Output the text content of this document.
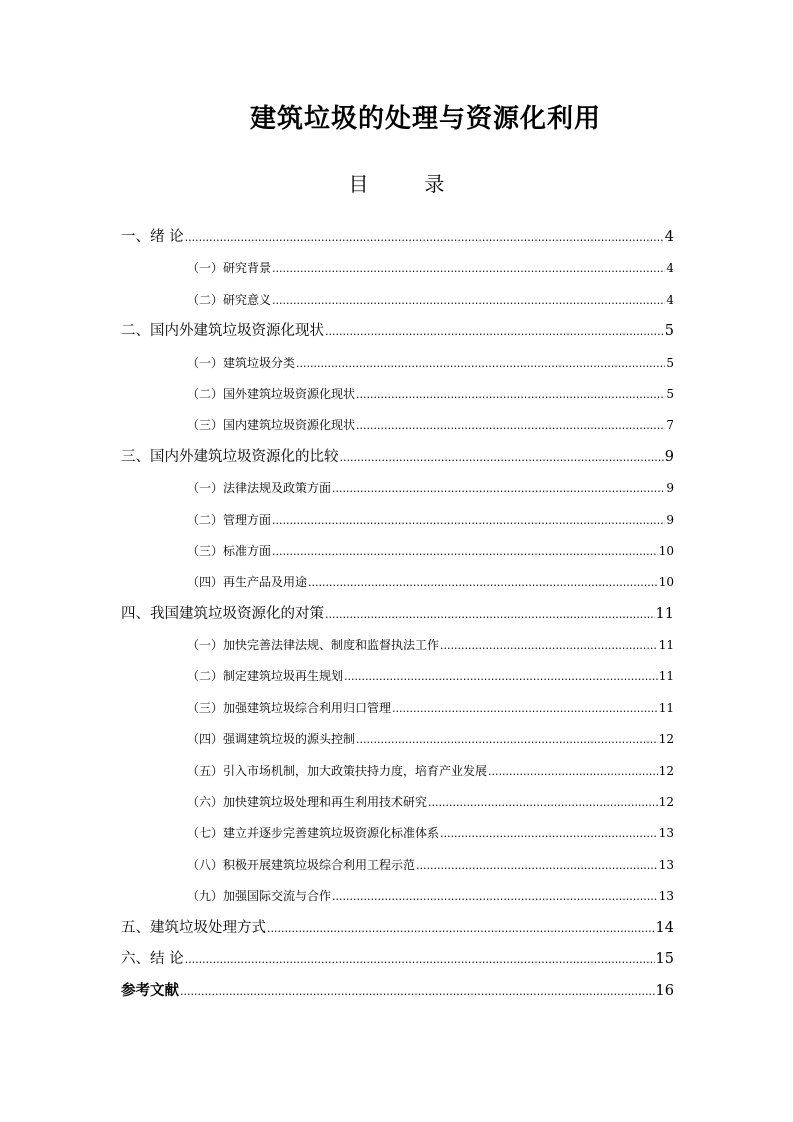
建筑垃圾的处理与资源化利用
目	录
一、 绪 论 .....	4
（一） 研究背景 .....	4
（二） 研究意义 .....	4
二、 国内外建筑垃圾资源化现状 .....	5
（一） 建筑垃圾分类 .....	5
（二） 国外建筑垃圾资源化现状 .....	5
（三） 国内建筑垃圾资源化现状 .....	7
三、 国内外建筑垃圾资源化的比较 .....	9
（一） 法律法规及政策方面 .....	9
（二） 管理方面 .....	9
（三） 标准方面 .....	10
（四） 再生产品及用途 .....	10
四、 我国建筑垃圾资源化的对策 .....	11
（一） 加快完善法律法规、制度和监督执法工作 .....	11
（二） 制定建筑垃圾再生规划 .....	11
（三） 加强建筑垃圾综合利用归口管理 .....	11
（四） 强调建筑垃圾的源头控制 .....	12
（五） 引入市场机制，加大政策扶持力度，培育产业发展 .....	12
（六） 加快建筑垃圾处理和再生利用技术研究 .....	12
（七） 建立并逐步完善建筑垃圾资源化标准体系 .....	13
（八） 积极开展建筑垃圾综合利用工程示范 .....	13
（九） 加强国际交流与合作 .....	13
五、 建筑垃圾处理方式 .....	14
六、 结 论 .....	15
参考文献 .....	16
